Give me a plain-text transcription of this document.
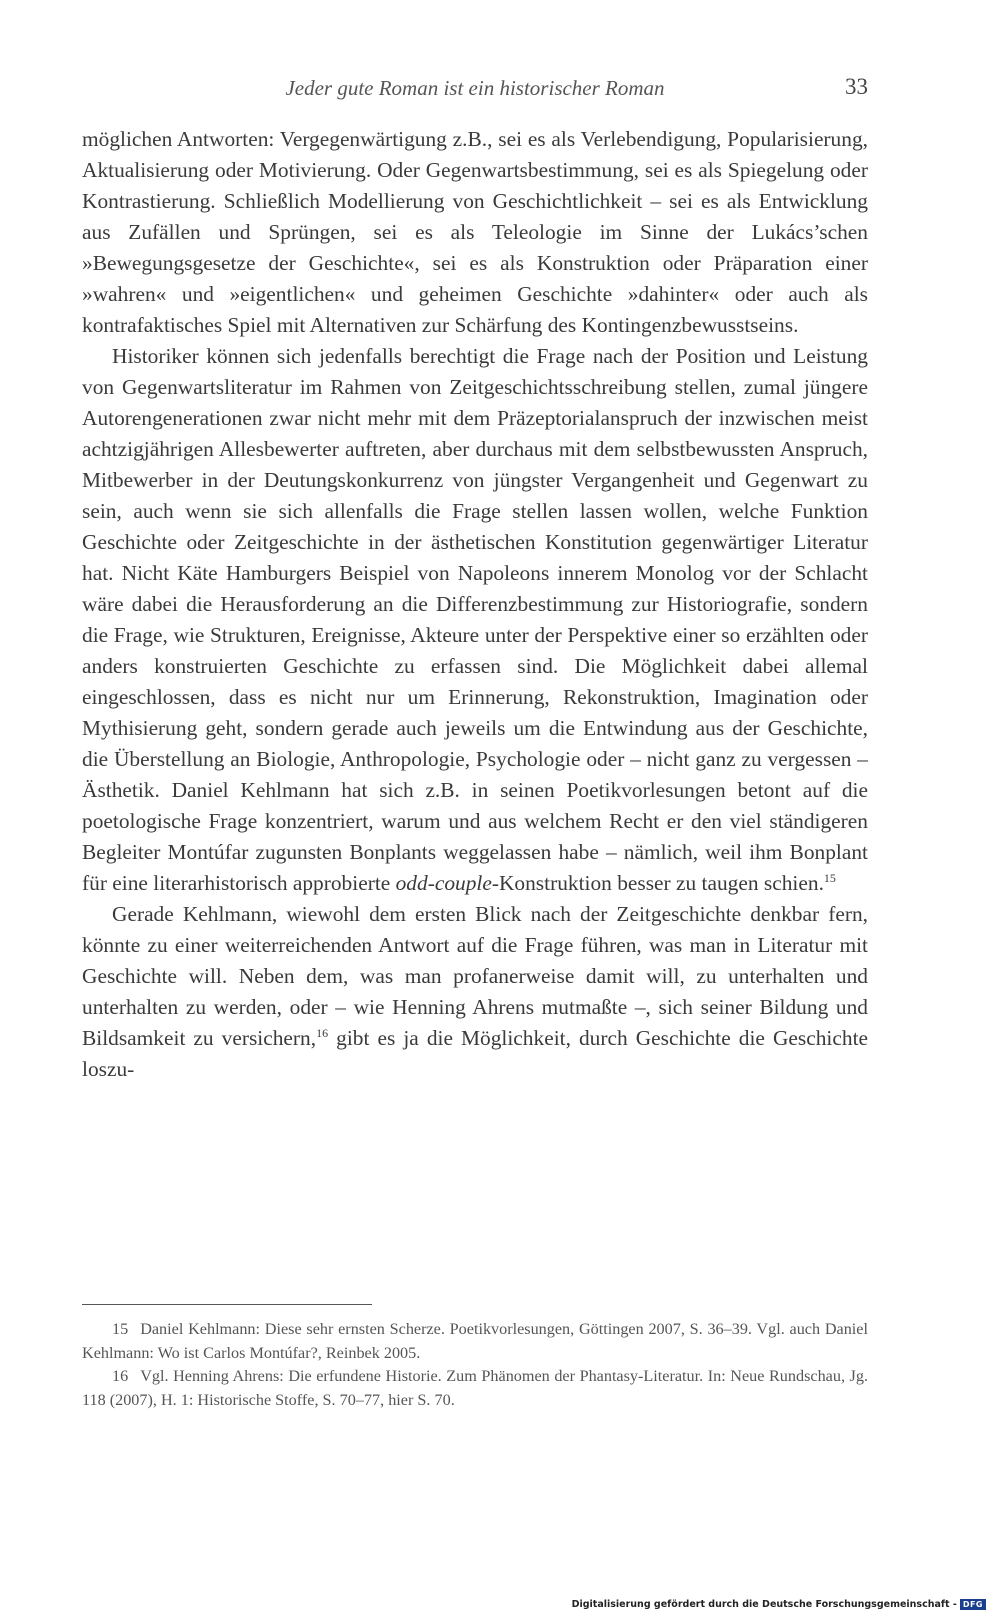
Jeder gute Roman ist ein historischer Roman	33

möglichen Antworten: Vergegenwärtigung z.B., sei es als Verlebendigung, Popularisierung, Aktualisierung oder Motivierung. Oder Gegenwartsbestimmung, sei es als Spiegelung oder Kontrastierung. Schließlich Modellierung von Geschichtlichkeit – sei es als Entwicklung aus Zufällen und Sprüngen, sei es als Teleologie im Sinne der Lukács’schen »Bewegungsgesetze der Geschichte«, sei es als Konstruktion oder Präparation einer »wahren« und »eigentlichen« und geheimen Geschichte »dahinter« oder auch als kontrafaktisches Spiel mit Alternativen zur Schärfung des Kontingenzbewusstseins.

Historiker können sich jedenfalls berechtigt die Frage nach der Position und Leistung von Gegenwartsliteratur im Rahmen von Zeitgeschichtsschreibung stellen, zumal jüngere Autorengenerationen zwar nicht mehr mit dem Präzeptorialanspruch der inzwischen meist achtzigjährigen Allesbewerter auftreten, aber durchaus mit dem selbstbewussten Anspruch, Mitbewerber in der Deutungskonkurrenz von jüngster Vergangenheit und Gegenwart zu sein, auch wenn sie sich allenfalls die Frage stellen lassen wollen, welche Funktion Geschichte oder Zeitgeschichte in der ästhetischen Konstitution gegenwärtiger Literatur hat. Nicht Käte Hamburgers Beispiel von Napoleons innerem Monolog vor der Schlacht wäre dabei die Herausforderung an die Differenzbestimmung zur Historiografie, sondern die Frage, wie Strukturen, Ereignisse, Akteure unter der Perspektive einer so erzählten oder anders konstruierten Geschichte zu erfassen sind. Die Möglichkeit dabei allemal eingeschlossen, dass es nicht nur um Erinnerung, Rekonstruktion, Imagination oder Mythisierung geht, sondern gerade auch jeweils um die Entwindung aus der Geschichte, die Überstellung an Biologie, Anthropologie, Psychologie oder – nicht ganz zu vergessen – Ästhetik. Daniel Kehlmann hat sich z.B. in seinen Poetikvorlesungen betont auf die poetologische Frage konzentriert, warum und aus welchem Recht er den viel ständigeren Begleiter Montúfar zugunsten Bonplants weggelassen habe – nämlich, weil ihm Bonplant für eine literarhistorisch approbierte odd-couple-Konstruktion besser zu taugen schien.$^{15}$

Gerade Kehlmann, wiewohl dem ersten Blick nach der Zeitgeschichte denkbar fern, könnte zu einer weiterreichenden Antwort auf die Frage führen, was man in Literatur mit Geschichte will. Neben dem, was man profanerweise damit will, zu unterhalten und unterhalten zu werden, oder – wie Henning Ahrens mutmaßte –, sich seiner Bildung und Bildsamkeit zu versichern,$^{16}$ gibt es ja die Möglichkeit, durch Geschichte die Geschichte loszu-

15 Daniel Kehlmann: Diese sehr ernsten Scherze. Poetikvorlesungen, Göttingen 2007, S. 36–39. Vgl. auch Daniel Kehlmann: Wo ist Carlos Montúfar?, Reinbek 2005.

16 Vgl. Henning Ahrens: Die erfundene Historie. Zum Phänomen der Phantasy-Literatur. In: Neue Rundschau, Jg. 118 (2007), H. 1: Historische Stoffe, S. 70–77, hier S. 70.

Digitalisierung gefördert durch die Deutsche Forschungsgemeinschaft - DFG
